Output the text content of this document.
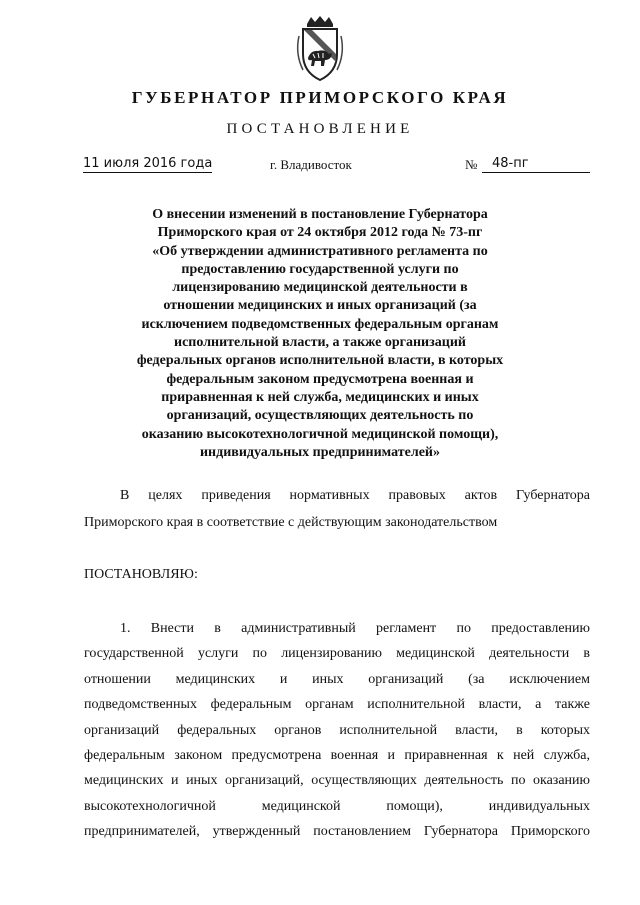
ГУБЕРНАТОР ПРИМОРСКОГО КРАЯ
ПОСТАНОВЛЕНИЕ
11 июля 2016 года	г. Владивосток	№	48-пг
О внесении изменений в постановление Губернатора
Приморского края от 24 октября 2012 года № 73-пг
«Об утверждении административного регламента по
предоставлению государственной услуги по
лицензированию медицинской деятельности в
отношении медицинских и иных организаций (за
исключением подведомственных федеральным органам
исполнительной власти, а также организаций
федеральных органов исполнительной власти, в которых
федеральным законом предусмотрена военная и
приравненная к ней служба, медицинских и иных
организаций, осуществляющих деятельность по
оказанию высокотехнологичной медицинской помощи),
индивидуальных предпринимателей»
В целях приведения нормативных правовых актов Губернатора
Приморского края в соответствие с действующим законодательством
ПОСТАНОВЛЯЮ:
1. Внести в административный регламент по предоставлению
государственной услуги по лицензированию медицинской деятельности в
отношении медицинских и иных организаций (за исключением
подведомственных федеральным органам исполнительной власти, а также
организаций федеральных органов исполнительной власти, в которых
федеральным законом предусмотрена военная и приравненная к ней служба,
медицинских и иных организаций, осуществляющих деятельность по оказанию
высокотехнологичной медицинской помощи), индивидуальных
предпринимателей, утвержденный постановлением Губернатора Приморского
